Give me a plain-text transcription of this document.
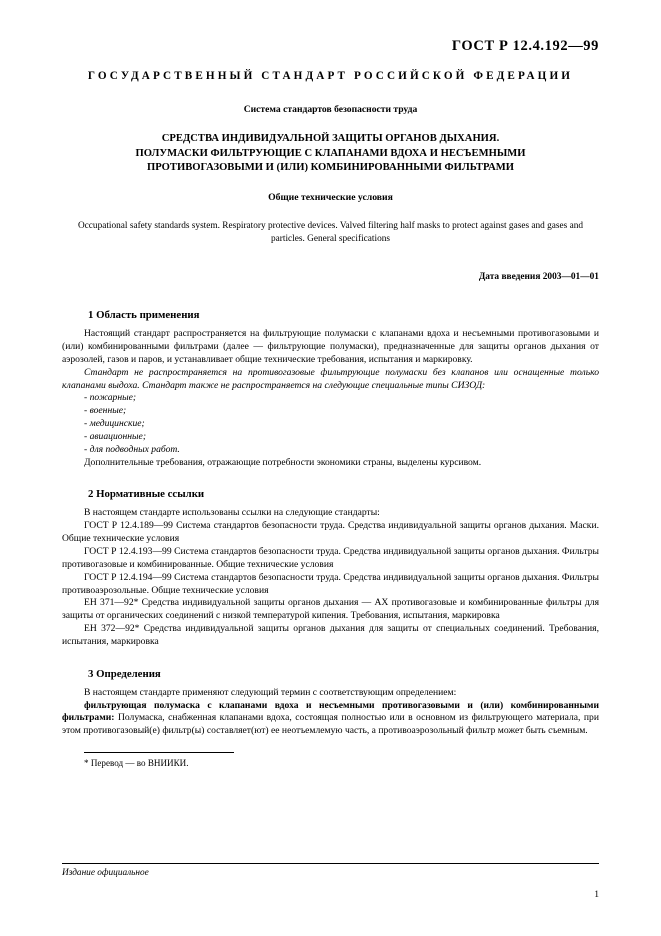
ГОСТ Р 12.4.192—99
ГОСУДАРСТВЕННЫЙ СТАНДАРТ РОССИЙСКОЙ ФЕДЕРАЦИИ
Система стандартов безопасности труда
СРЕДСТВА ИНДИВИДУАЛЬНОЙ ЗАЩИТЫ ОРГАНОВ ДЫХАНИЯ.
ПОЛУМАСКИ ФИЛЬТРУЮЩИЕ С КЛАПАНАМИ ВДОХА И НЕСЪЕМНЫМИ
ПРОТИВОГАЗОВЫМИ И (ИЛИ) КОМБИНИРОВАННЫМИ ФИЛЬТРАМИ
Общие технические условия
Occupational safety standards system. Respiratory protective devices. Valved filtering half masks to protect against gases and gases and particles. General specifications
Дата введения 2003—01—01
1 Область применения

Настоящий стандарт распространяется на фильтрующие полумаски с клапанами вдоха и несъемными противогазовыми и (или) комбинированными фильтрами (далее — фильтрующие полумаски), предназначенные для защиты органов дыхания от аэрозолей, газов и паров, и устанавливает общие технические требования, испытания и маркировку.

Стандарт не распространяется на противогазовые фильтрующие полумаски без клапанов или оснащенные только клапанами выдоха. Стандарт также не распространяется на следующие специальные типы СИЗОД:

- пожарные;

- военные;

- медицинские;

- авиационные;

- для подводных работ.

Дополнительные требования, отражающие потребности экономики страны, выделены курсивом.

2 Нормативные ссылки

В настоящем стандарте использованы ссылки на следующие стандарты:

ГОСТ Р 12.4.189—99 Система стандартов безопасности труда. Средства индивидуальной защиты органов дыхания. Маски. Общие технические условия

ГОСТ Р 12.4.193—99 Система стандартов безопасности труда. Средства индивидуальной защиты органов дыхания. Фильтры противогазовые и комбинированные. Общие технические условия

ГОСТ Р 12.4.194—99 Система стандартов безопасности труда. Средства индивидуальной защиты органов дыхания. Фильтры противоаэрозольные. Общие технические условия

ЕН 371—92* Средства индивидуальной защиты органов дыхания — АХ противогазовые и комбинированные фильтры для защиты от органических соединений с низкой температурой кипения. Требования, испытания, маркировка

ЕН 372—92* Средства индивидуальной защиты органов дыхания для защиты от специальных соединений. Требования, испытания, маркировка

3 Определения

В настоящем стандарте применяют следующий термин с соответствующим определением:

фильтрующая полумаска с клапанами вдоха и несъемными противогазовыми и (или) комбинированными фильтрами: Полумаска, снабженная клапанами вдоха, состоящая полностью или в основном из фильтрующего материала, при этом противогазовый(е) фильтр(ы) составляет(ют) ее неотъемлемую часть, а противоаэрозольный фильтр может быть съемным.

* Перевод — во ВНИИКИ.
Издание официальное
1
